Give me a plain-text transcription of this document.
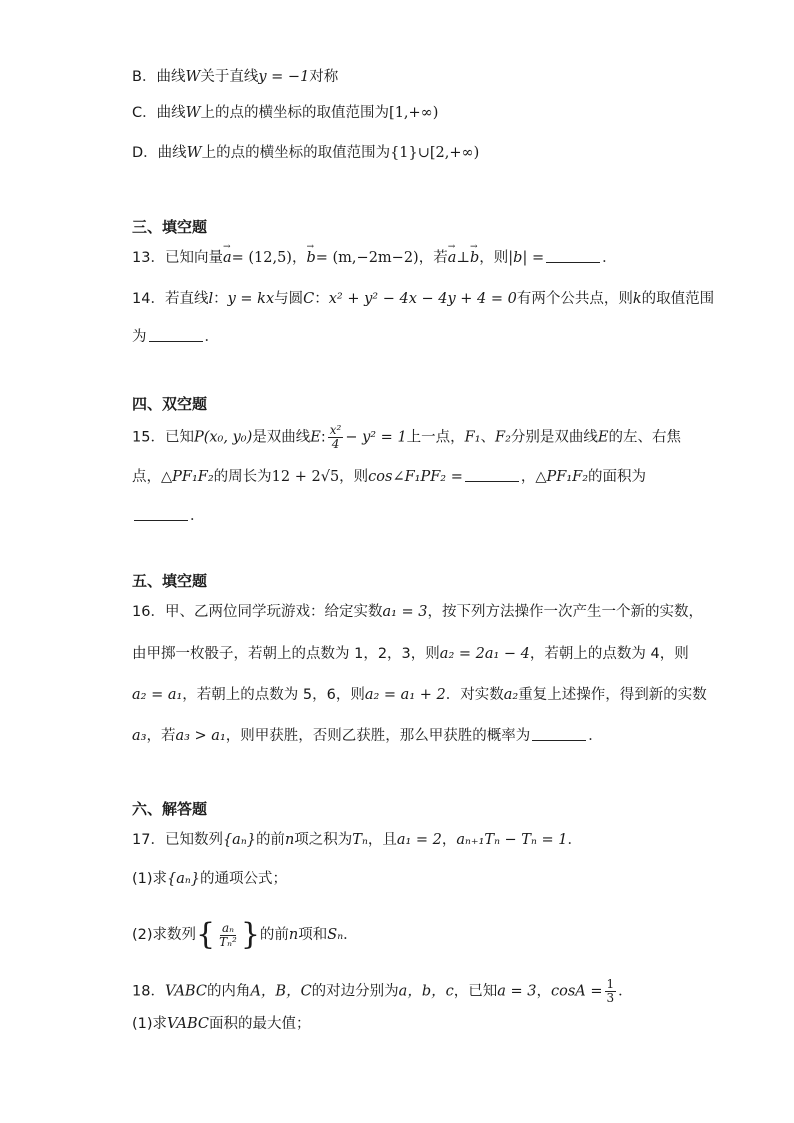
B．曲线W关于直线y = −1对称
C．曲线W上的点的横坐标的取值范围为[1,+∞)
D．曲线W上的点的横坐标的取值范围为{1}∪[2,+∞)
三、填空题
13．已知向量→ a= (12,5)，→ b= (m,−2m−2)，若→ a⊥→ b，则|b| =	．
14．若直线l：y = kx与圆C：x² + y² − 4x − 4y + 4 = 0有两个公共点，则k的取值范围
为	．
四、双空题
15．已知P(x₀, y₀)是双曲线E: $\frac{\text{x²}}{4} - y^2 = 1$上一点，F₁、F₂分别是双曲线E的左、右焦
点，△PF₁F₂的周长为12 + 2√5，则cos∠F₁PF₂ =	，△PF₁F₂的面积为
．
五、填空题
16．甲、乙两位同学玩游戏：给定实数a₁ = 3，按下列方法操作一次产生一个新的实数，
由甲掷一枚骰子，若朝上的点数为 1，2，3，则a₂ = 2a₁ − 4，若朝上的点数为 4，则
a₂ = a₁，若朝上的点数为 5，6，则a₂ = a₁ + 2．对实数a₂重复上述操作，得到新的实数
a₃，若a₃ > a₁，则甲获胜，否则乙获胜，那么甲获胜的概率为	．
六、解答题
17．已知数列{aₙ}的前n项之积为Tₙ，且a₁ = 2，aₙ₊₁Tₙ − Tₙ = 1．
(1)求{aₙ}的通项公式；
(2)求数列{ $\frac{\text{aₙ}}{\text{Tₙ²}}$ }的前n项和Sₙ．
18．VABC的内角A，B，C的对边分别为a，b，c，已知a = 3，$\cos A = \frac{1}{3}$ ．
(1)求VABC面积的最大值；
